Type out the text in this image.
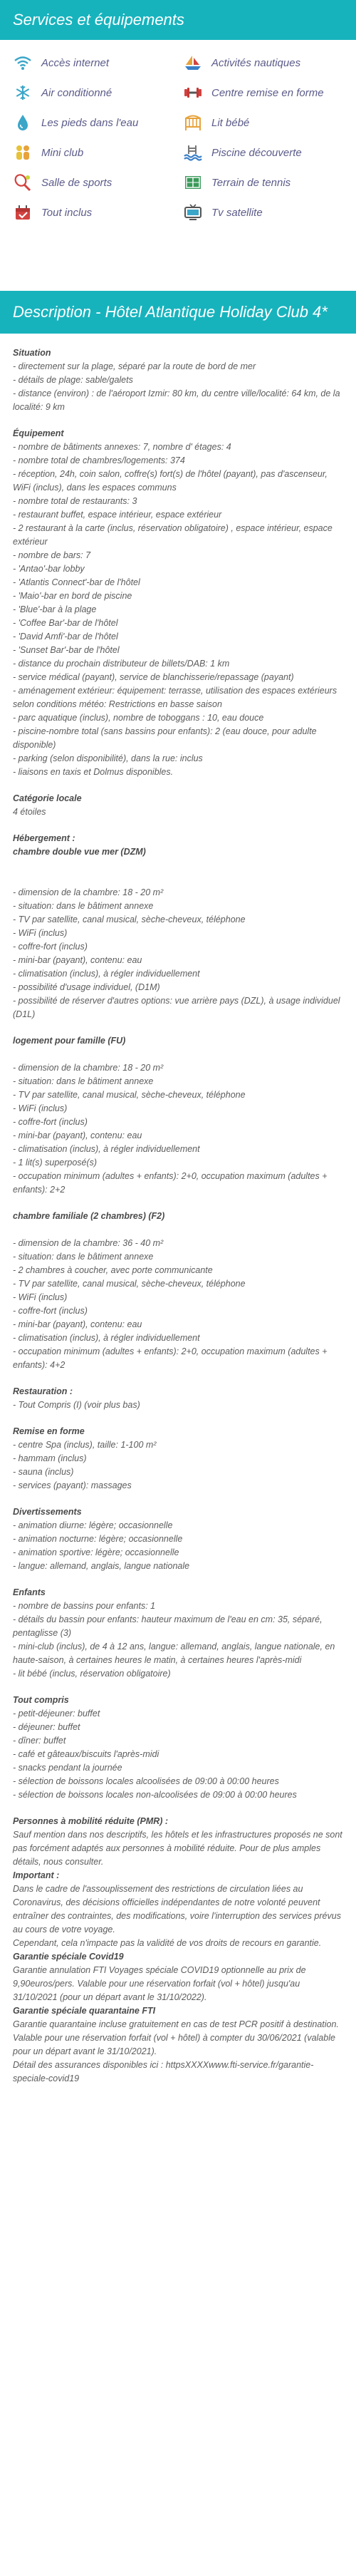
Services et équipements
Accès internet	Activités nautiques
Air conditionné	Centre remise en forme
Les pieds dans l'eau	Lit bébé
Mini club	Piscine découverte
Salle de sports	Terrain de tennis
Tout inclus	Tv satellite
Description - Hôtel Atlantique Holiday Club 4*
Situation

- directement sur la plage, séparé par la route de bord de mer

- détails de plage: sable/galets

- distance (environ) : de l'aéroport Izmir: 80 km, du centre ville/localité: 64 km, de la localité: 9 km

Équipement

- nombre de bâtiments annexes: 7, nombre d' étages: 4

- nombre total de chambres/logements: 374

- réception, 24h, coin salon, coffre(s) fort(s) de l'hôtel (payant), pas d'ascenseur, WiFi (inclus), dans les espaces communs

- nombre total de restaurants: 3

- restaurant buffet, espace intérieur, espace extérieur

- 2 restaurant à la carte (inclus, réservation obligatoire) , espace intérieur, espace extérieur

- nombre de bars: 7

- 'Antao'-bar lobby

- 'Atlantis Connect'-bar de l'hôtel

- 'Maio'-bar en bord de piscine

- 'Blue'-bar à la plage

- 'Coffee Bar'-bar de l'hôtel

- 'David Amfi'-bar de l'hôtel

- 'Sunset Bar'-bar de l'hôtel

- distance du prochain distributeur de billets/DAB: 1 km

- service médical (payant), service de blanchisserie/repassage (payant)

- aménagement extérieur: équipement: terrasse, utilisation des espaces extérieurs selon conditions météo: Restrictions en basse saison

- parc aquatique (inclus), nombre de toboggans : 10, eau douce

- piscine-nombre total (sans bassins pour enfants): 2 (eau douce, pour adulte disponible)

- parking (selon disponibilité), dans la rue: inclus

- liaisons en taxis et Dolmus disponibles.

Catégorie locale

4 étoiles

Hébergement :

chambre double vue mer (DZM)

- dimension de la chambre: 18 - 20 m²

- situation: dans le bâtiment annexe

- TV par satellite, canal musical, sèche-cheveux, téléphone

- WiFi (inclus)

- coffre-fort (inclus)

- mini-bar (payant), contenu: eau

- climatisation (inclus), à régler individuellement

- possibilité d'usage individuel, (D1M)

- possibilité de réserver d'autres options: vue arrière pays (DZL), à usage individuel (D1L)

logement pour famille (FU)

- dimension de la chambre: 18 - 20 m²

- situation: dans le bâtiment annexe

- TV par satellite, canal musical, sèche-cheveux, téléphone

- WiFi (inclus)

- coffre-fort (inclus)

- mini-bar (payant), contenu: eau

- climatisation (inclus), à régler individuellement

- 1 lit(s) superposé(s)

- occupation minimum (adultes + enfants): 2+0, occupation maximum (adultes + enfants): 2+2

chambre familiale (2 chambres) (F2)

- dimension de la chambre: 36 - 40 m²

- situation: dans le bâtiment annexe

- 2 chambres à coucher, avec porte communicante

- TV par satellite, canal musical, sèche-cheveux, téléphone

- WiFi (inclus)

- coffre-fort (inclus)

- mini-bar (payant), contenu: eau

- climatisation (inclus), à régler individuellement

- occupation minimum (adultes + enfants): 2+0, occupation maximum (adultes + enfants): 4+2

Restauration :

- Tout Compris (I) (voir plus bas)

Remise en forme

- centre Spa (inclus), taille: 1-100 m²

- hammam (inclus)

- sauna (inclus)

- services (payant): massages

Divertissements

- animation diurne: légère; occasionnelle

- animation nocturne: légère; occasionnelle

- animation sportive: légère; occasionnelle

- langue: allemand, anglais, langue nationale

Enfants

- nombre de bassins pour enfants: 1

- détails du bassin pour enfants: hauteur maximum de l'eau en cm: 35, séparé, pentaglisse (3)

- mini-club (inclus), de 4 à 12 ans, langue: allemand, anglais, langue nationale, en haute-saison, à certaines heures le matin, à certaines heures l'après-midi

- lit bébé (inclus, réservation obligatoire)

Tout compris

- petit-déjeuner: buffet

- déjeuner: buffet

- dîner: buffet

- café et gâteaux/biscuits l'après-midi

- snacks pendant la journée

- sélection de boissons locales alcoolisées de 09:00 à 00:00 heures

- sélection de boissons locales non-alcoolisées de 09:00 à 00:00 heures

Personnes à mobilité réduite (PMR) :

Sauf mention dans nos descriptifs, les hôtels et les infrastructures proposés ne sont pas forcément adaptés aux personnes à mobilité réduite. Pour de plus amples détails, nous consulter.

Important :

Dans le cadre de l'assouplissement des restrictions de circulation liées au Coronavirus, des décisions officielles indépendantes de notre volonté peuvent entraîner des contraintes, des modifications, voire l'interruption des services prévus au cours de votre voyage.

Cependant, cela n'impacte pas la validité de vos droits de recours en garantie.

Garantie spéciale Covid19

Garantie annulation FTI Voyages spéciale COVID19 optionnelle au prix de 9,90euros/pers. Valable pour une réservation forfait (vol + hôtel) jusqu'au 31/10/2021 (pour un départ avant le 31/10/2022).

Garantie spéciale quarantaine FTI

Garantie quarantaine incluse gratuitement en cas de test PCR positif à destination. Valable pour une réservation forfait (vol + hôtel) à compter du 30/06/2021 (valable pour un départ avant le 31/10/2021).

Détail des assurances disponibles ici : httpsXXXXwww.fti-service.fr/garantie-speciale-covid19
